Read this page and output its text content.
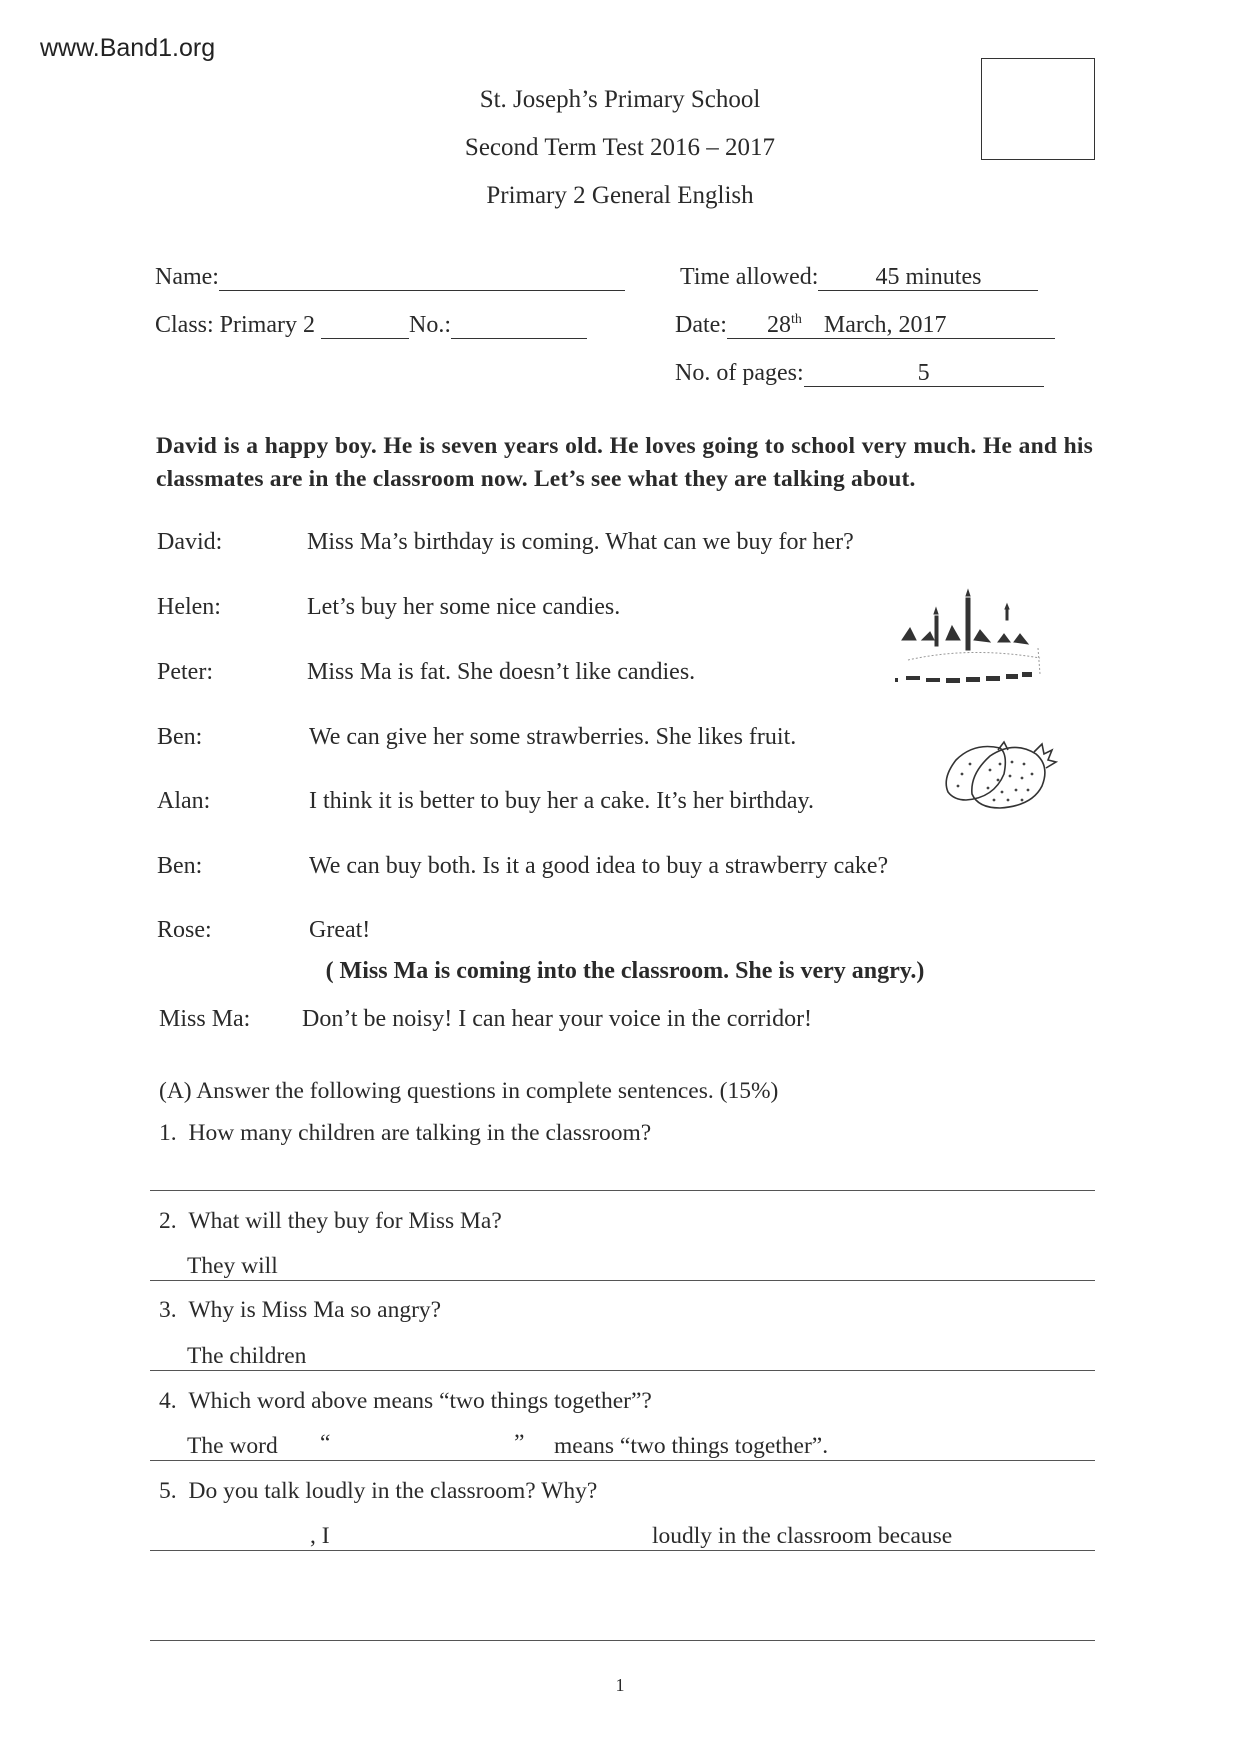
www.Band1.org
St. Joseph’s Primary School
Second Term Test 2016 – 2017
Primary 2 General English
Name:
Class: Primary 2	No.:
Time allowed: 45 minutes
Date: 28th March, 2017
No. of pages:	5
David is a happy boy. He is seven years old. He loves going to school very much. He and his classmates are in the classroom now. Let’s see what they are talking about.
David:	Miss Ma’s birthday is coming. What can we buy for her?
Helen:	Let’s buy her some nice candies.
Peter:	Miss Ma is fat. She doesn’t like candies.
Ben:	We can give her some strawberries. She likes fruit.
Alan:	I think it is better to buy her a cake. It’s her birthday.
Ben:	We can buy both. Is it a good idea to buy a strawberry cake?
Rose:	Great!
( Miss Ma is coming into the classroom. She is very angry.)
Miss Ma: Don’t be noisy! I can hear your voice in the corridor!
(A) Answer the following questions in complete sentences. (15%)
1. How many children are talking in the classroom?
2. What will they buy for Miss Ma?
They will
3. Why is Miss Ma so angry?
The children
4. Which word above means “two things together”?
The word “	” means “two things together”.
5. Do you talk loudly in the classroom? Why?
, I	loudly in the classroom because
1
